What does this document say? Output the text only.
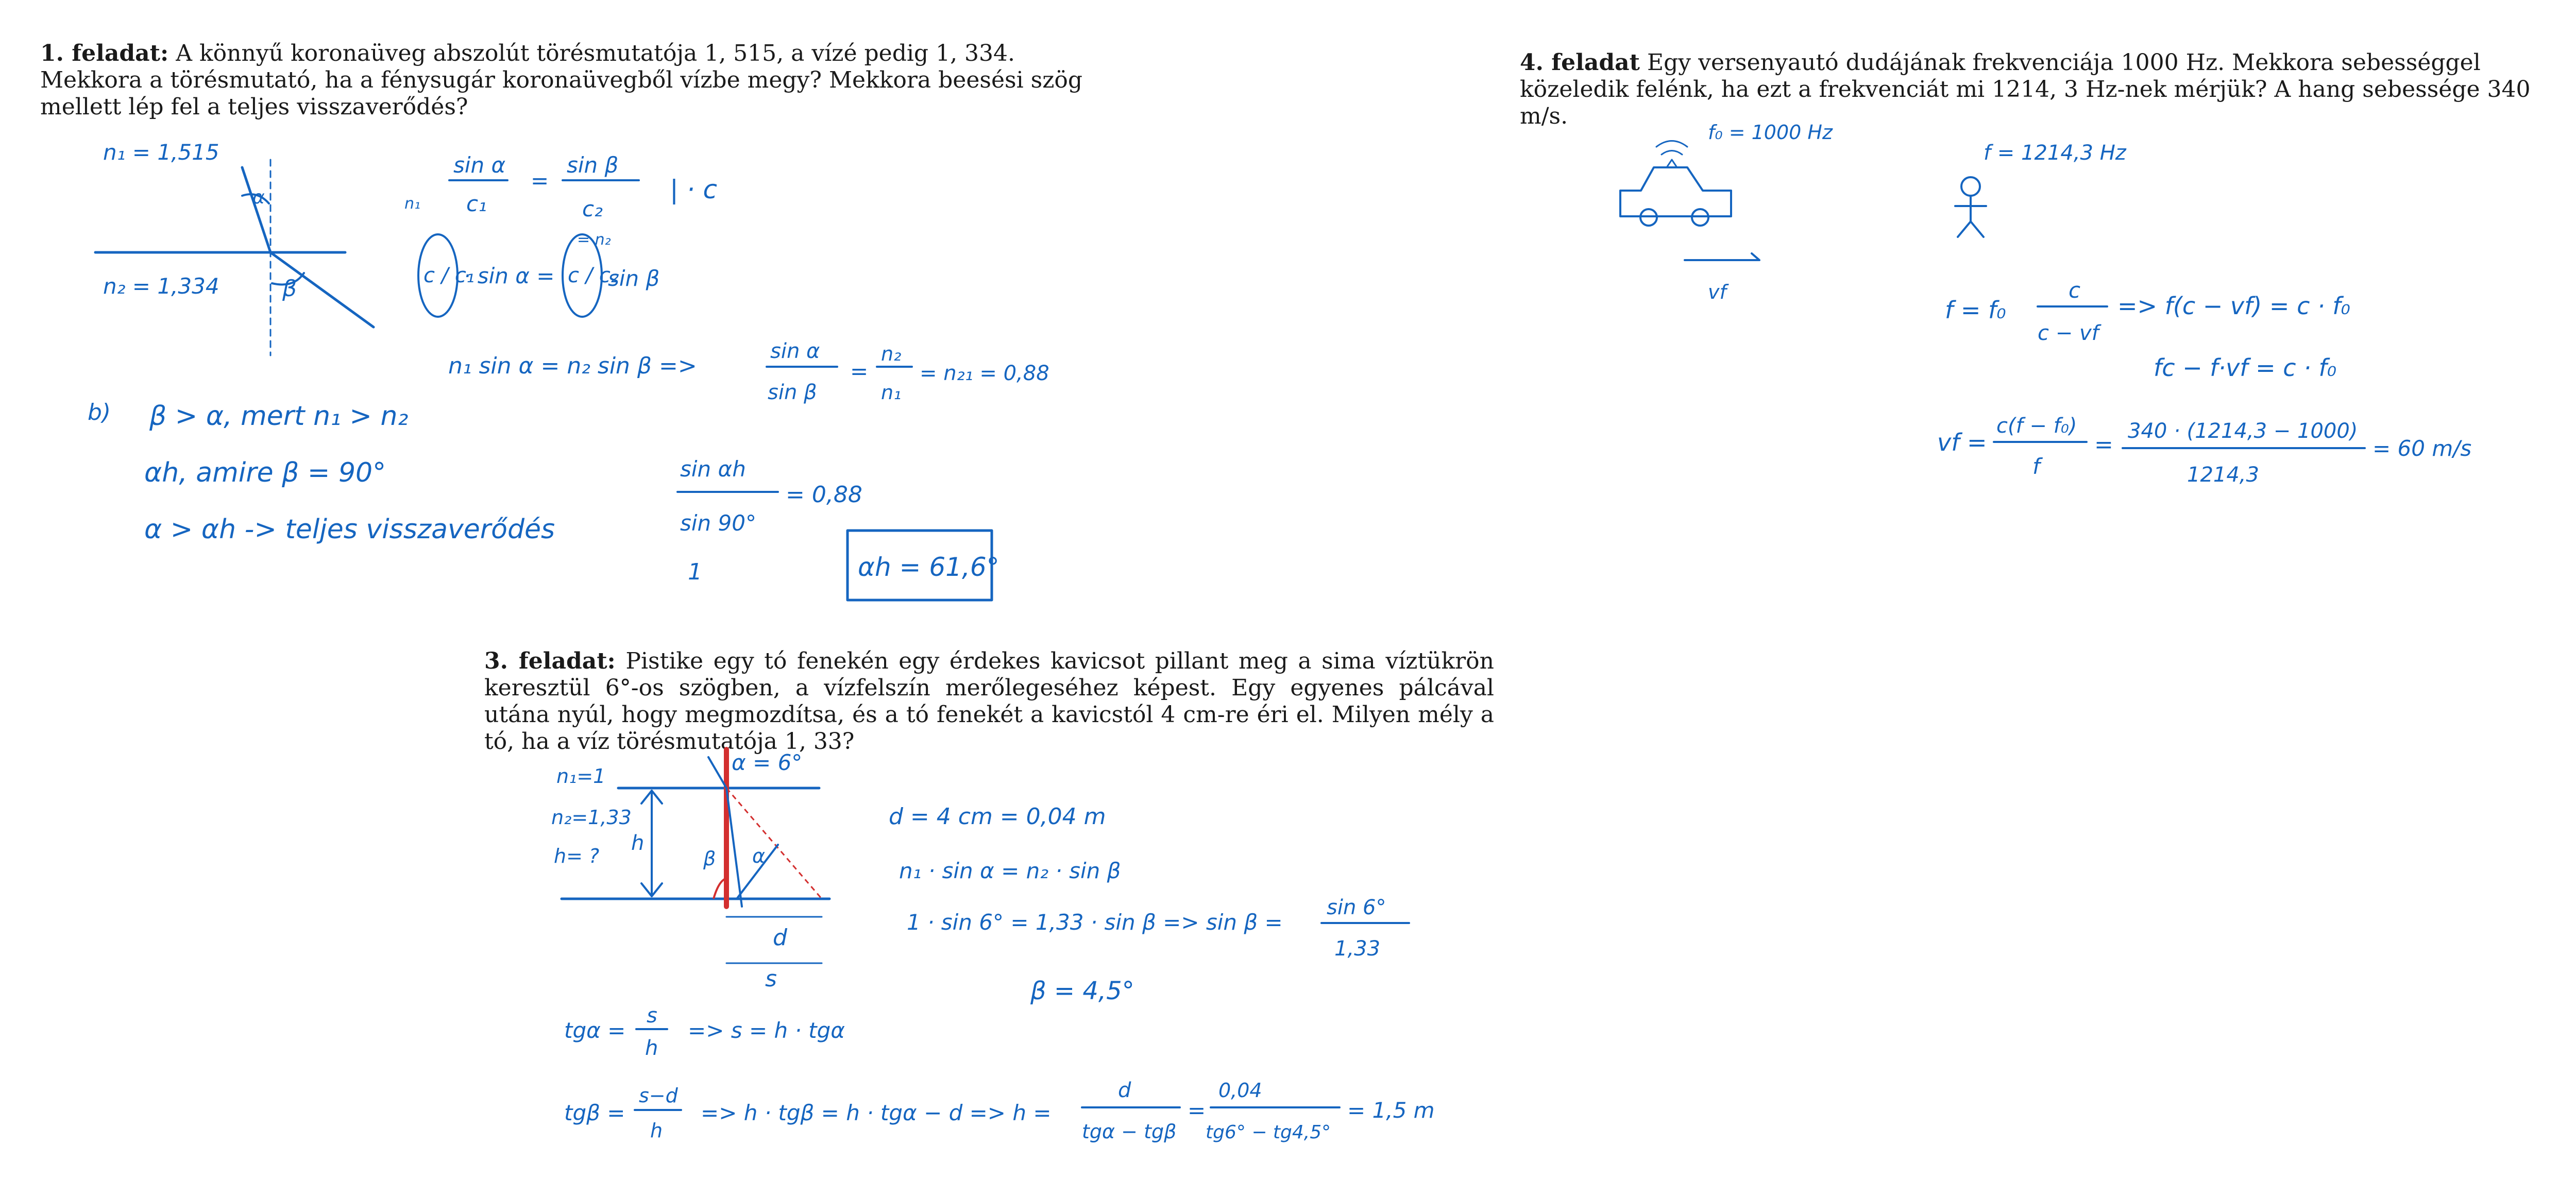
1. feladat: A könnyű koronaüveg abszolút törésmutatója 1, 515, a vízé pedig 1, 334. Mekkora a törésmutató, ha a fénysugár koronaüvegből vízbe megy? Mekkora beesési szög mellett lép fel a teljes visszaverődés?
3. feladat: Pistike egy tó fenekén egy érdekes kavicsot pillant meg a sima víztükrön keresztül 6°-os szögben, a vízfelszín merőlegeséhez képest. Egy egyenes pálcával utána nyúl, hogy megmozdítsa, és a tó fenekét a kavicstól 4 cm-re éri el. Milyen mély a tó, ha a víz törésmutatója 1, 33?
4. feladat Egy versenyautó dudájának frekvenciája 1000 Hz. Mekkora sebességgel közeledik felénk, ha ezt a frekvenciát mi 1214, 3 Hz-nek mérjük? A hang sebessége 340 m/s.
n₁ = 1,515
n₂ = 1,334
α
β
sin α
c₁
=
sin β
c₂
| · c
n₁
= n₂
c / c₁
· sin α = c / c₂
sin β
n₁ sin α = n₂ sin β =>
sin α
sin β
=
n₂
n₁
= n₂₁ = 0,88
b) β > α, mert n₁ > n₂
αh, amire β = 90°
α > αh -> teljes visszaverődés
sin αh
sin 90°
= 0,88
1	αh = 61,6°
n₁=1
n₂=1,33
h= ?
h
α = 6°
α
β
d
s
d = 4 cm = 0,04 m
n₁ · sin α = n₂ · sin β
1 · sin 6° = 1,33 · sin β => sin β =
sin 6°
1,33
β = 4,5°
tgα =
s
h
=> s = h · tgα
tgβ =
s−d
h
=> h · tgβ = h · tgα − d => h =
d
tgα − tgβ
=
0,04
tg6° − tg4,5°
= 1,5 m
f₀ = 1000 Hz
vf
f = 1214,3 Hz
f = f₀
c
c − vf
=> f(c − vf) = c · f₀
fc − f·vf = c · f₀
vf =
c(f − f₀)
f
=
340 · (1214,3 − 1000)
1214,3
= 60 m/s
